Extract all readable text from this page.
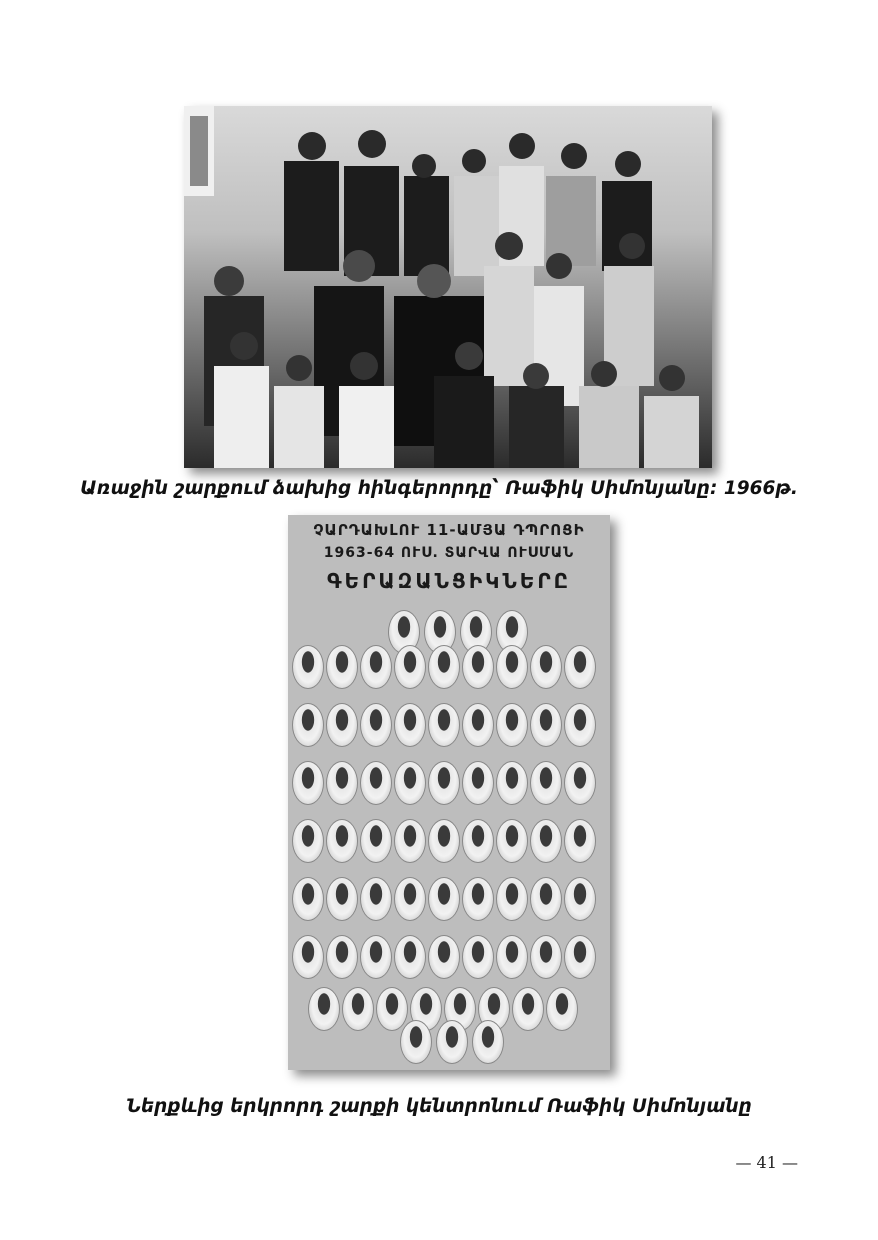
Առաջին շարքում ձախից հինգերորդը՝ Ռաֆիկ Սիմոնյանը: 1966թ.
ՉԱՐԴԱԽԼՈՒ 11-ԱՄՅԱ ԴՊՐՈՑԻ
1963-64 ՈՒՍ. ՏԱՐՎԱ ՈՒՍՄԱՆ
ԳԵՐԱԶԱՆՑԻԿՆԵՐԸ
Ներքևից երկրորդ շարքի կենտրոնում Ռաֆիկ Սիմոնյանը
— 41 —
